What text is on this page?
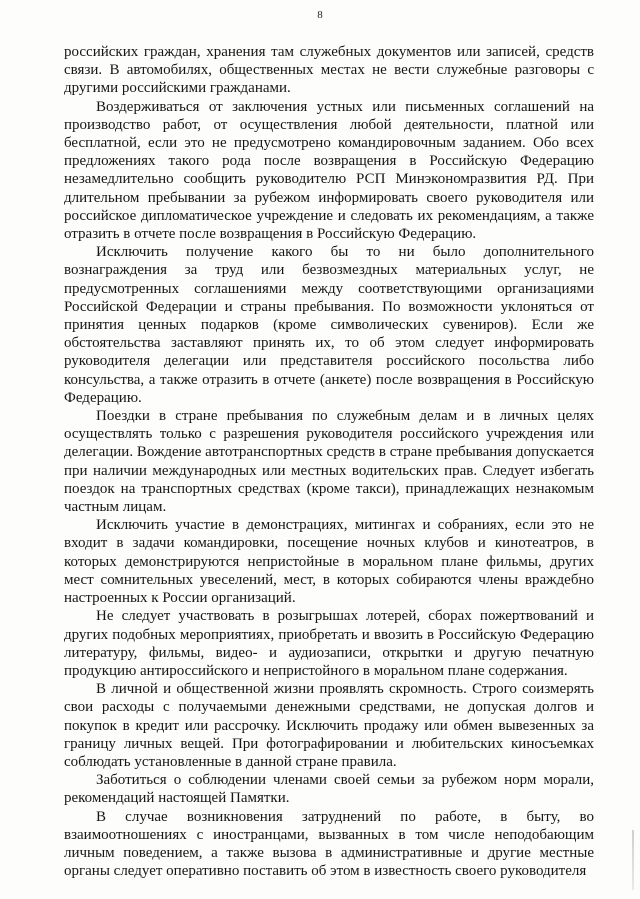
8

российских граждан, хранения там служебных документов или записей, средств связи. В автомобилях, общественных местах не вести служебные разговоры с другими российскими гражданами.

Воздерживаться от заключения устных или письменных соглашений на производство работ, от осуществления любой деятельности, платной или бесплатной, если это не предусмотрено командировочным заданием. Обо всех предложениях такого рода после возвращения в Российскую Федерацию незамедлительно сообщить руководителю РСП Минэкономразвития РД. При длительном пребывании за рубежом информировать своего руководителя или российское дипломатическое учреждение и следовать их рекомендациям, а также отразить в отчете после возвращения в Российскую Федерацию.

Исключить получение какого бы то ни было дополнительного вознаграждения за труд или безвозмездных материальных услуг, не предусмотренных соглашениями между соответствующими организациями Российской Федерации и страны пребывания. По возможности уклоняться от принятия ценных подарков (кроме символических сувениров). Если же обстоятельства заставляют принять их, то об этом следует информировать руководителя делегации или представителя российского посольства либо консульства, а также отразить в отчете (анкете) после возвращения в Российскую Федерацию.

Поездки в стране пребывания по служебным делам и в личных целях осуществлять только с разрешения руководителя российского учреждения или делегации. Вождение автотранспортных средств в стране пребывания допускается при наличии международных или местных водительских прав. Следует избегать поездок на транспортных средствах (кроме такси), принадлежащих незнакомым частным лицам.

Исключить участие в демонстрациях, митингах и собраниях, если это не входит в задачи командировки, посещение ночных клубов и кинотеатров, в которых демонстрируются непристойные в моральном плане фильмы, других мест сомнительных увеселений, мест, в которых собираются члены враждебно настроенных к России организаций.

Не следует участвовать в розыгрышах лотерей, сборах пожертвований и других подобных мероприятиях, приобретать и ввозить в Российскую Федерацию литературу, фильмы, видео- и аудиозаписи, открытки и другую печатную продукцию антироссийского и непристойного в моральном плане содержания.

В личной и общественной жизни проявлять скромность. Строго соизмерять свои расходы с получаемыми денежными средствами, не допуская долгов и покупок в кредит или рассрочку. Исключить продажу или обмен вывезенных за границу личных вещей. При фотографировании и любительских киносъемках соблюдать установленные в данной стране правила.

Заботиться о соблюдении членами своей семьи за рубежом норм морали, рекомендаций настоящей Памятки.

В случае возникновения затруднений по работе, в быту, во взаимоотношениях с иностранцами, вызванных в том числе неподобающим личным поведением, а также вызова в административные и другие местные органы следует оперативно поставить об этом в известность своего руководителя
